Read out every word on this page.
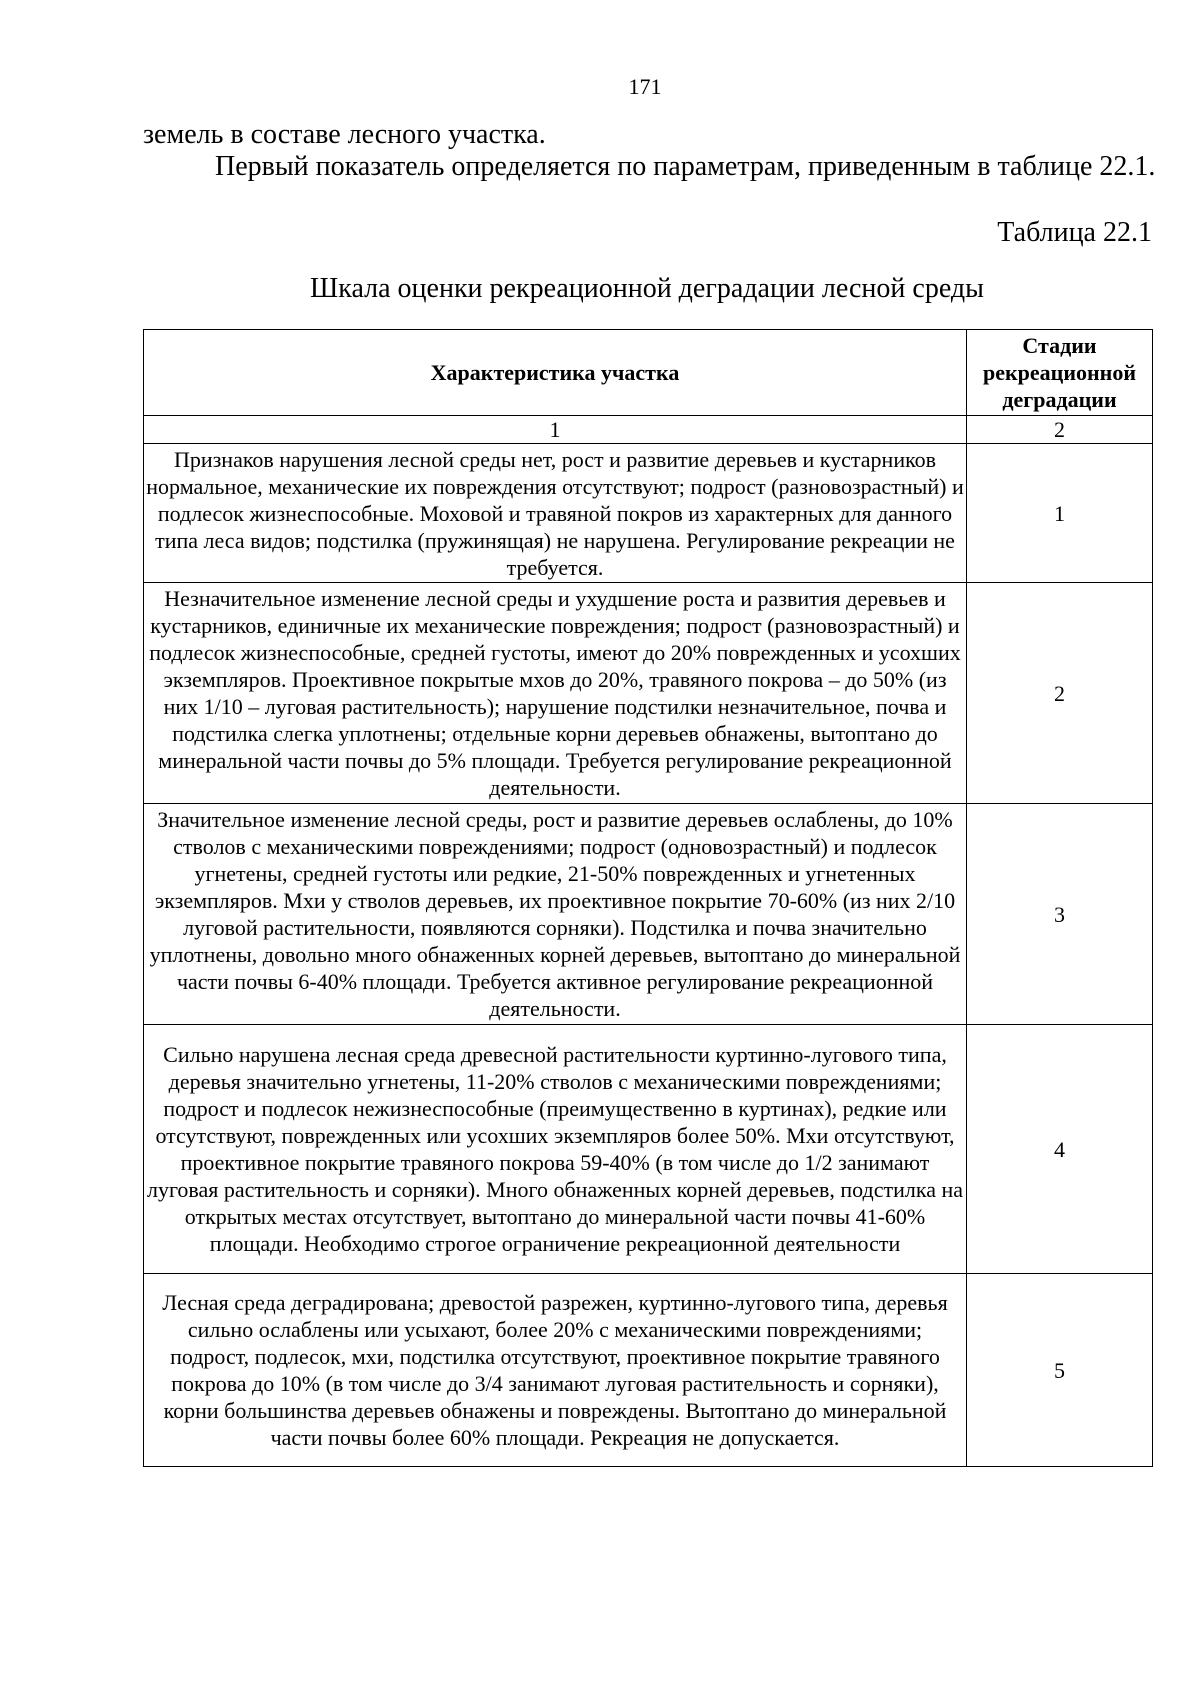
171
земель в составе лесного участка.
Первый показатель определяется по параметрам, приведенным в таблице 22.1.
Таблица 22.1
Шкала оценки рекреационной деградации лесной среды
Характеристика участка	Стадии рекреационной деградации
1	2
Признаков нарушения лесной среды нет, рост и развитие деревьев и кустарников нормальное, механические их повреждения отсутствуют; подрост (разновозрастный) и подлесок жизнеспособные. Моховой и травяной покров из характерных для данного типа леса видов; подстилка (пружинящая) не нарушена. Регулирование рекреации не требуется.	1
Незначительное изменение лесной среды и ухудшение роста и развития деревьев и кустарников, единичные их механические повреждения; подрост (разновозрастный) и подлесок жизнеспособные, средней густоты, имеют до 20% поврежденных и усохших экземпляров. Проективное покрытые мхов до 20%, травяного покрова – до 50% (из них 1/10 – луговая растительность); нарушение подстилки незначительное, почва и подстилка слегка уплотнены; отдельные корни деревьев обнажены, вытоптано до минеральной части почвы до 5% площади. Требуется регулирование рекреационной деятельности.	2
Значительное изменение лесной среды, рост и развитие деревьев ослаблены, до 10% стволов с механическими повреждениями; подрост (одновозрастный) и подлесок угнетены, средней густоты или редкие, 21-50% поврежденных и угнетенных экземпляров. Мхи у стволов деревьев, их проективное покрытие 70-60% (из них 2/10 луговой растительности, появляются сорняки). Подстилка и почва значительно уплотнены, довольно много обнаженных корней деревьев, вытоптано до минеральной части почвы 6-40% площади. Требуется активное регулирование рекреационной деятельности.	3
Сильно нарушена лесная среда древесной растительности куртинно-лугового типа, деревья значительно угнетены, 11-20% стволов с механическими повреждениями; подрост и подлесок нежизнеспособные (преимущественно в куртинах), редкие или отсутствуют, поврежденных или усохших экземпляров более 50%. Мхи отсутствуют, проективное покрытие травяного покрова 59-40% (в том числе до 1/2 занимают луговая растительность и сорняки). Много обнаженных корней деревьев, подстилка на открытых местах отсутствует, вытоптано до минеральной части почвы 41-60% площади. Необходимо строгое ограничение рекреационной деятельности	4
Лесная среда деградирована; древостой разрежен, куртинно-лугового типа, деревья сильно ослаблены или усыхают, более 20% с механическими повреждениями; подрост, подлесок, мхи, подстилка отсутствуют, проективное покрытие травяного покрова до 10% (в том числе до 3/4 занимают луговая растительность и сорняки), корни большинства деревьев обнажены и повреждены. Вытоптано до минеральной части почвы более 60% площади. Рекреация не допускается.	5
